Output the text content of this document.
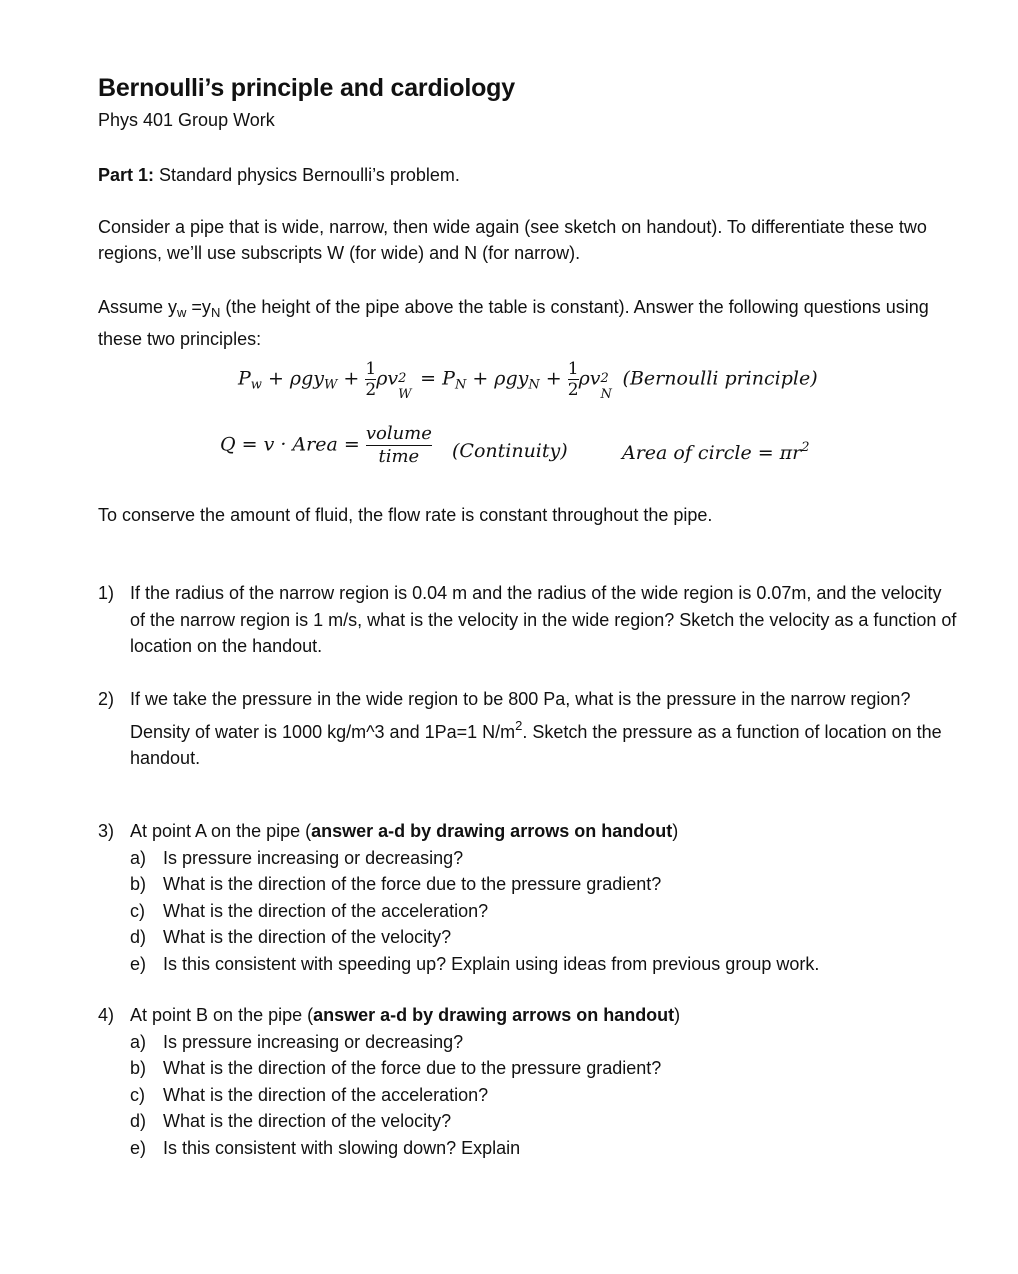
Bernoulli’s principle and cardiology
Phys 401 Group Work
Part 1: Standard physics Bernoulli’s problem.
Consider a pipe that is wide, narrow, then wide again (see sketch on handout). To differentiate these two regions, we’ll use subscripts W (for wide) and N (for narrow).
Assume $y_w =y_N$ (the height of the pipe above the table is constant). Answer the following questions using these two principles:
$P_w + \rho gy_W + \frac{1}{2}$ ρv 2
W
= $P_N + \rho gy_N + \frac{1}{2}$ ρv 2
N
(Bernoulli principle)
Q = v · Area = $\frac{\text{volume}}{\text{time}}$ (Continuity)	Area of circle = $\pi r^2$
To conserve the amount of fluid, the flow rate is constant throughout the pipe.
1) If the radius of the narrow region is 0.04 m and the radius of the wide region is 0.07m, and the velocity of the narrow region is 1 m/s, what is the velocity in the wide region? Sketch the velocity as a function of location on the handout.
2) If we take the pressure in the wide region to be 800 Pa, what is the pressure in the narrow region? Density of water is 1000 kg/m^3 and 1Pa=1 $N/m^2$. Sketch the pressure as a function of location on the handout.
3) At point A on the pipe (answer a-d by drawing arrows on handout)
a) Is pressure increasing or decreasing?
b) What is the direction of the force due to the pressure gradient?
c) What is the direction of the acceleration?
d) What is the direction of the velocity?
e) Is this consistent with speeding up? Explain using ideas from previous group work.
4) At point B on the pipe (answer a-d by drawing arrows on handout)
a) Is pressure increasing or decreasing?
b) What is the direction of the force due to the pressure gradient?
c) What is the direction of the acceleration?
d) What is the direction of the velocity?
e) Is this consistent with slowing down? Explain
